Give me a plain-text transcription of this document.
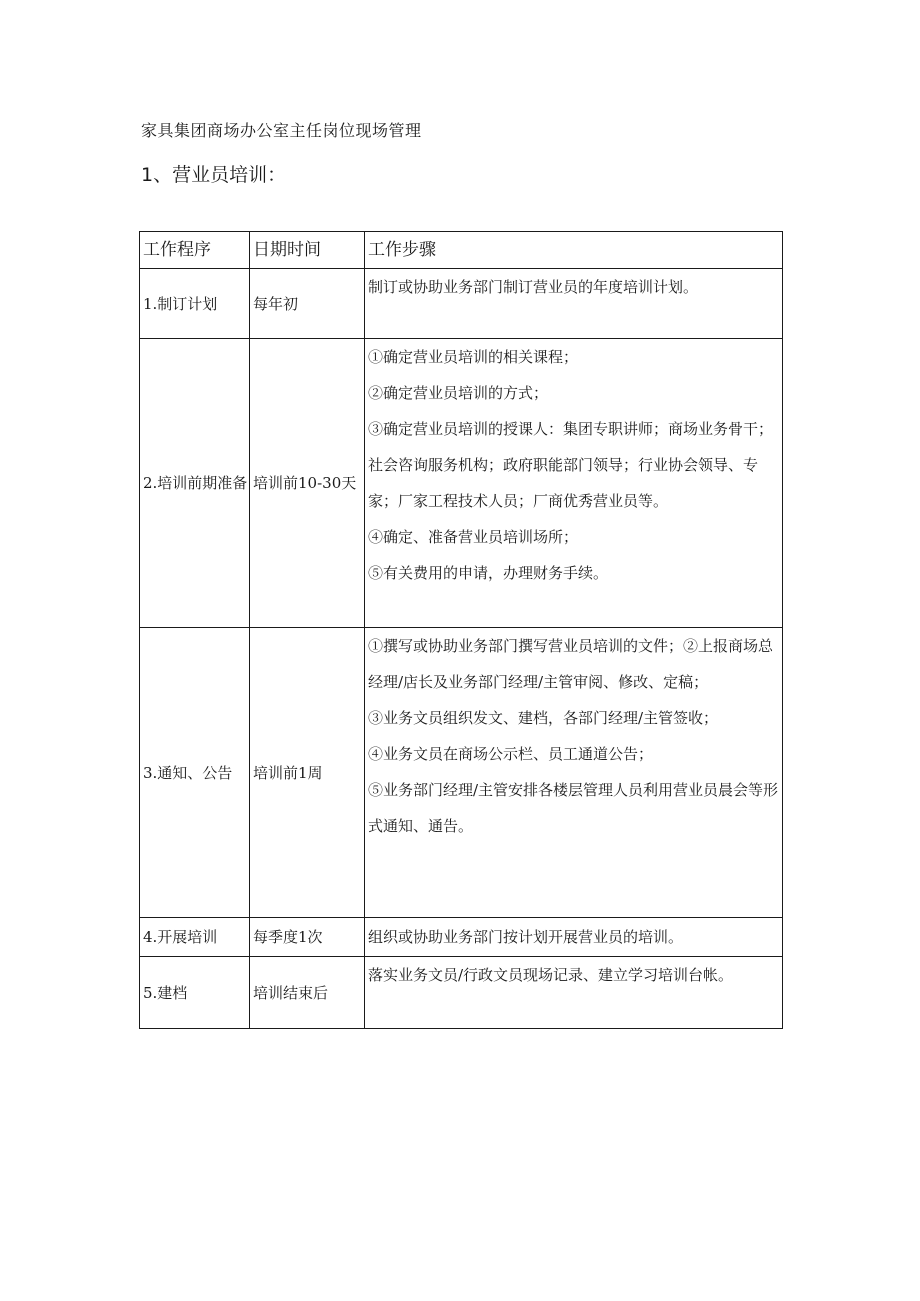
家具集团商场办公室主任岗位现场管理
1、营业员培训：
工作程序	日期时间	工作步骤
1.制订计划	每年初	制订或协助业务部门制订营业员的年度培训计划。

2.培训前期准备	培训前10-30天	①确定营业员培训的相关课程；
②确定营业员培训的方式；
③确定营业员培训的授课人：集团专职讲师；商场业务骨干；社会咨询服务机构；政府职能部门领导；行业协会领导、专家；厂家工程技术人员；厂商优秀营业员等。
④确定、准备营业员培训场所；
⑤有关费用的申请，办理财务手续。

3.通知、公告	培训前1周	①撰写或协助业务部门撰写营业员培训的文件；②上报商场总经理/店长及业务部门经理/主管审阅、修改、定稿；
③业务文员组织发文、建档，各部门经理/主管签收；
④业务文员在商场公示栏、员工通道公告；
⑤业务部门经理/主管安排各楼层管理人员利用营业员晨会等形式通知、通告。

4.开展培训	每季度1次	组织或协助业务部门按计划开展营业员的培训。

5.建档	培训结束后	落实业务文员/行政文员现场记录、建立学习培训台帐。
